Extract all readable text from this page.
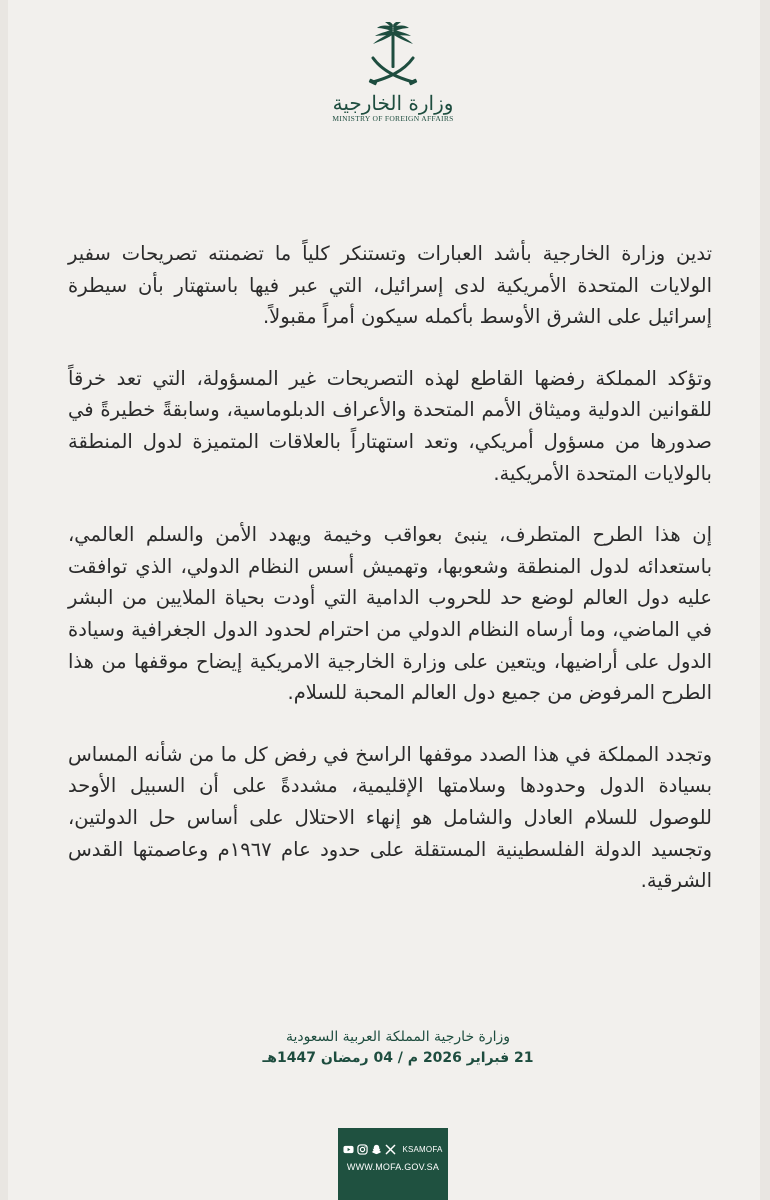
وزارة الخارجية
MINISTRY OF FOREIGN AFFAIRS

تدين وزارة الخارجية بأشد العبارات وتستنكر كلياً ما تضمنته تصريحات سفير الولايات المتحدة الأمريكية لدى إسرائيل، التي عبر فيها باستهتار بأن سيطرة إسرائيل على الشرق الأوسط بأكمله سيكون أمراً مقبولاً.

وتؤكد المملكة رفضها القاطع لهذه التصريحات غير المسؤولة، التي تعد خرقاً للقوانين الدولية وميثاق الأمم المتحدة والأعراف الدبلوماسية، وسابقةً خطيرةً في صدورها من مسؤول أمريكي، وتعد استهتاراً بالعلاقات المتميزة لدول المنطقة بالولايات المتحدة الأمريكية.

إن هذا الطرح المتطرف، ينبئ بعواقب وخيمة ويهدد الأمن والسلم العالمي، باستعدائه لدول المنطقة وشعوبها، وتهميش أسس النظام الدولي، الذي توافقت عليه دول العالم لوضع حد للحروب الدامية التي أودت بحياة الملايين من البشر في الماضي، وما أرساه النظام الدولي من احترام لحدود الدول الجغرافية وسيادة الدول على أراضيها، ويتعين على وزارة الخارجية الامريكية إيضاح موقفها من هذا الطرح المرفوض من جميع دول العالم المحبة للسلام.

وتجدد المملكة في هذا الصدد موقفها الراسخ في رفض كل ما من شأنه المساس بسيادة الدول وحدودها وسلامتها الإقليمية، مشددةً على أن السبيل الأوحد للوصول للسلام العادل والشامل هو إنهاء الاحتلال على أساس حل الدولتين، وتجسيد الدولة الفلسطينية المستقلة على حدود عام ١٩٦٧م وعاصمتها القدس الشرقية.

وزارة خارجية المملكة العربية السعودية
21 فبراير 2026 م / 04 رمضان 1447هـ
KSAMOFA
WWW.MOFA.GOV.SA
